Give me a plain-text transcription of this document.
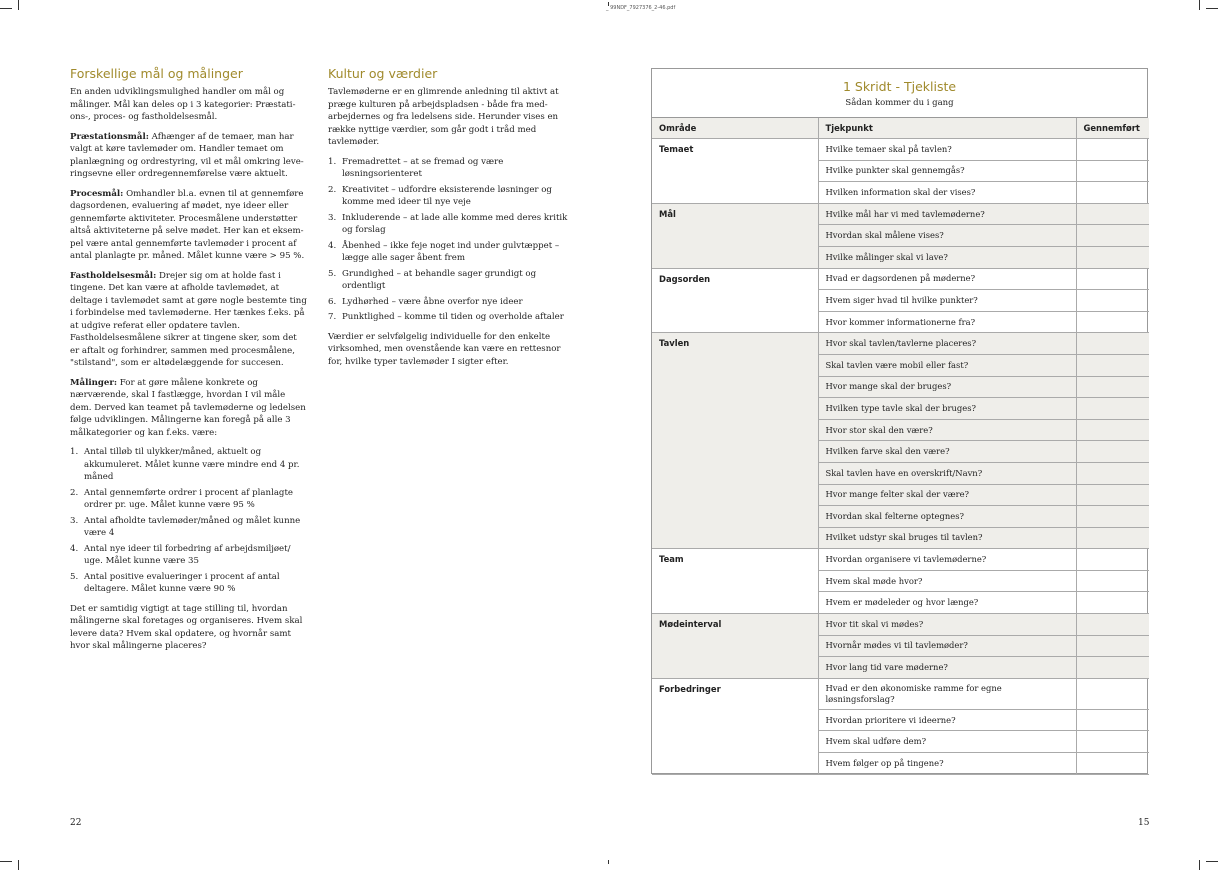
_ 99NDF_7927376_2-46.pdf
Forskellige mål og målinger

En anden udviklingsmulighed handler om mål og målinger. Mål kan deles op i 3 kategorier: Præstations-, proces- og fastholdelsesmål.

Præstationsmål: Afhænger af de temaer, man har valgt at køre tavlemøder om. Handler temaet om planlægning og ordrestyring, vil et mål omkring leveringsevne eller ordregennemførelse være aktuelt.

Procesmål: Omhandler bl.a. evnen til at gennemføre dagsordenen, evaluering af mødet, nye ideer eller gennemførte aktiviteter. Procesmålene understøtter altså aktiviteterne på selve mødet. Her kan et eksempel være antal gennemførte tavlemøder i procent af antal planlagte pr. måned. Målet kunne være > 95 %.

Fastholdelsesmål: Drejer sig om at holde fast i tingene. Det kan være at afholde tavlemødet, at deltage i tavlemødet samt at gøre nogle bestemte ting i forbindelse med tavlemøderne. Her tænkes f.eks. på at udgive referat eller opdatere tavlen. Fastholdelsesmålene sikrer at tingene sker, som det er aftalt og forhindrer, sammen med procesmålene, "stilstand", som er altødelæggende for succesen.

Målinger: For at gøre målene konkrete og nærværende, skal I fastlægge, hvordan I vil måle dem. Derved kan teamet på tavlemøderne og ledelsen følge udviklingen. Målingerne kan foregå på alle 3 målkategorier og kan f.eks. være:

1. Antal tilløb til ulykker/måned, aktuelt og akkumuleret. Målet kunne være mindre end 4 pr. måned
2. Antal gennemførte ordrer i procent af planlagte ordrer pr. uge. Målet kunne være 95 %
3. Antal afholdte tavlemøder/måned og målet kunne være 4
4. Antal nye ideer til forbedring af arbejdsmiljøet/ uge. Målet kunne være 35
5. Antal positive evalueringer i procent af antal deltagere. Målet kunne være 90 %

Det er samtidig vigtigt at tage stilling til, hvordan målingerne skal foretages og organiseres. Hvem skal levere data? Hvem skal opdatere, og hvornår samt hvor skal målingerne placeres?

Kultur og værdier

Tavlemøderne er en glimrende anledning til aktivt at præge kulturen på arbejdspladsen - både fra medarbejdernes og fra ledelsens side. Herunder vises en række nyttige værdier, som går godt i tråd med tavlemøder.

1. Fremadrettet – at se fremad og være løsningsorienteret
2. Kreativitet – udfordre eksisterende løsninger og komme med ideer til nye veje
3. Inkluderende – at lade alle komme med deres kritik og forslag
4. Åbenhed – ikke feje noget ind under gulvtæppet – lægge alle sager åbent frem
5. Grundighed – at behandle sager grundigt og ordentligt
6. Lydhørhed – være åbne overfor nye ideer
7. Punktlighed – komme til tiden og overholde aftaler

Værdier er selvfølgelig individuelle for den enkelte virksomhed, men ovenstående kan være en rettesnor for, hvilke typer tavlemøder I sigter efter.

1 Skridt - Tjekliste
Sådan kommer du i gang
Område	Tjekpunkt	Gennemført
Temaet	Hvilke temaer skal på tavlen?	
	Hvilke punkter skal gennemgås?	
	Hvilken information skal der vises?	
Mål	Hvilke mål har vi med tavlemøderne?	
	Hvordan skal målene vises?	
	Hvilke målinger skal vi lave?	
Dagsorden	Hvad er dagsordenen på møderne?	
	Hvem siger hvad til hvilke punkter?	
	Hvor kommer informationerne fra?	
Tavlen	Hvor skal tavlen/tavlerne placeres?	
	Skal tavlen være mobil eller fast?	
	Hvor mange skal der bruges?	
	Hvilken type tavle skal der bruges?	
	Hvor stor skal den være?	
	Hvilken farve skal den være?	
	Skal tavlen have en overskrift/Navn?	
	Hvor mange felter skal der være?	
	Hvordan skal felterne optegnes?	
	Hvilket udstyr skal bruges til tavlen?	
Team	Hvordan organisere vi tavlemøderne?	
	Hvem skal møde hvor?	
	Hvem er mødeleder og hvor længe?	
Mødeinterval	Hvor tit skal vi mødes?	
	Hvornår mødes vi til tavlemøder?	
	Hvor lang tid vare møderne?	
Forbedringer	Hvad er den økonomiske ramme for egne løsningsforslag?	
	Hvordan prioritere vi ideerne?	
	Hvem skal udføre dem?	
	Hvem følger op på tingene?	
22	15
